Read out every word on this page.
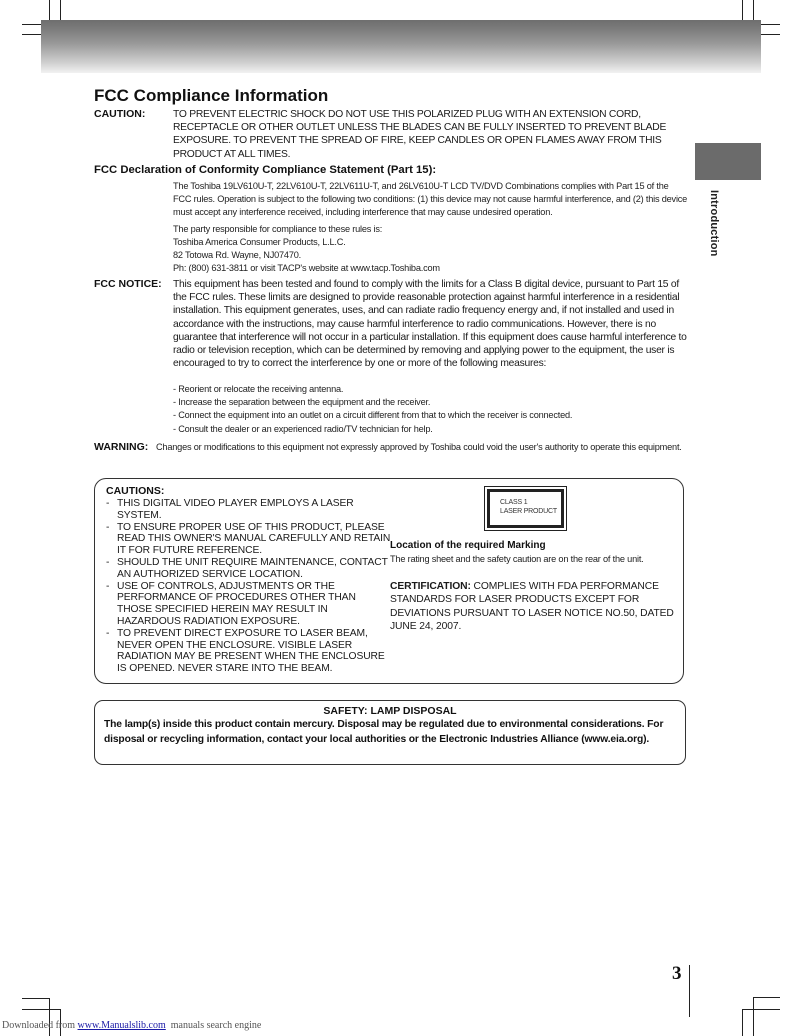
Introduction
FCC Compliance Information
CAUTION:	TO PREVENT ELECTRIC SHOCK DO NOT USE THIS POLARIZED PLUG WITH AN EXTENSION CORD, RECEPTACLE OR OTHER OUTLET UNLESS THE BLADES CAN BE FULLY INSERTED TO PREVENT BLADE EXPOSURE. TO PREVENT THE SPREAD OF FIRE, KEEP CANDLES OR OPEN FLAMES AWAY FROM THIS PRODUCT AT ALL TIMES.
FCC Declaration of Conformity Compliance Statement (Part 15):

The Toshiba 19LV610U-T, 22LV610U-T, 22LV611U-T, and 26LV610U-T LCD TV/DVD Combinations complies with Part 15 of the FCC rules. Operation is subject to the following two conditions: (1) this device may not cause harmful interference, and (2) this device must accept any interference received, including interference that may cause undesired operation.

The party responsible for compliance to these rules is:

Toshiba America Consumer Products, L.L.C.

82 Totowa Rd. Wayne, NJ07470.

Ph: (800) 631-3811 or visit TACP's website at www.tacp.Toshiba.com

FCC NOTICE: This equipment has been tested and found to comply with the limits for a Class B digital device, pursuant to Part 15 of the FCC rules. These limits are designed to provide reasonable protection against harmful interference in a residential installation. This equipment generates, uses, and can radiate radio frequency energy and, if not installed and used in accordance with the instructions, may cause harmful interference to radio communications. However, there is no guarantee that interference will not occur in a particular installation. If this equipment does cause harmful interference to radio or television reception, which can be determined by removing and applying power to the equipment, the user is encouraged to try to correct the interference by one or more of the following measures:
- Reorient or relocate the receiving antenna.
- Increase the separation between the equipment and the receiver.
- Connect the equipment into an outlet on a circuit different from that to which the receiver is connected.
- Consult the dealer or an experienced radio/TV technician for help.
WARNING: Changes or modifications to this equipment not expressly approved by Toshiba could void the user's authority to operate this equipment.
CAUTIONS:
- THIS DIGITAL VIDEO PLAYER EMPLOYS A LASER SYSTEM.
- TO ENSURE PROPER USE OF THIS PRODUCT, PLEASE READ THIS OWNER'S MANUAL CAREFULLY AND RETAIN IT FOR FUTURE REFERENCE.
- SHOULD THE UNIT REQUIRE MAINTENANCE, CONTACT AN AUTHORIZED SERVICE LOCATION.
- USE OF CONTROLS, ADJUSTMENTS OR THE PERFORMANCE OF PROCEDURES OTHER THAN THOSE SPECIFIED HEREIN MAY RESULT IN HAZARDOUS RADIATION EXPOSURE.
- TO PREVENT DIRECT EXPOSURE TO LASER BEAM, NEVER OPEN THE ENCLOSURE. VISIBLE LASER RADIATION MAY BE PRESENT WHEN THE ENCLOSURE IS OPENED. NEVER STARE INTO THE BEAM.
CLASS 1
LASER PRODUCT
Location of the required Marking
The rating sheet and the safety caution are on the rear of the unit.
CERTIFICATION: COMPLIES WITH FDA PERFORMANCE STANDARDS FOR LASER PRODUCTS EXCEPT FOR DEVIATIONS PURSUANT TO LASER NOTICE NO.50, DATED JUNE 24, 2007.
SAFETY: LAMP DISPOSAL
The lamp(s) inside this product contain mercury. Disposal may be regulated due to environmental considerations. For disposal or recycling information, contact your local authorities or the Electronic Industries Alliance (www.eia.org).
3
Downloaded from www.Manualslib.com  manuals search engine
